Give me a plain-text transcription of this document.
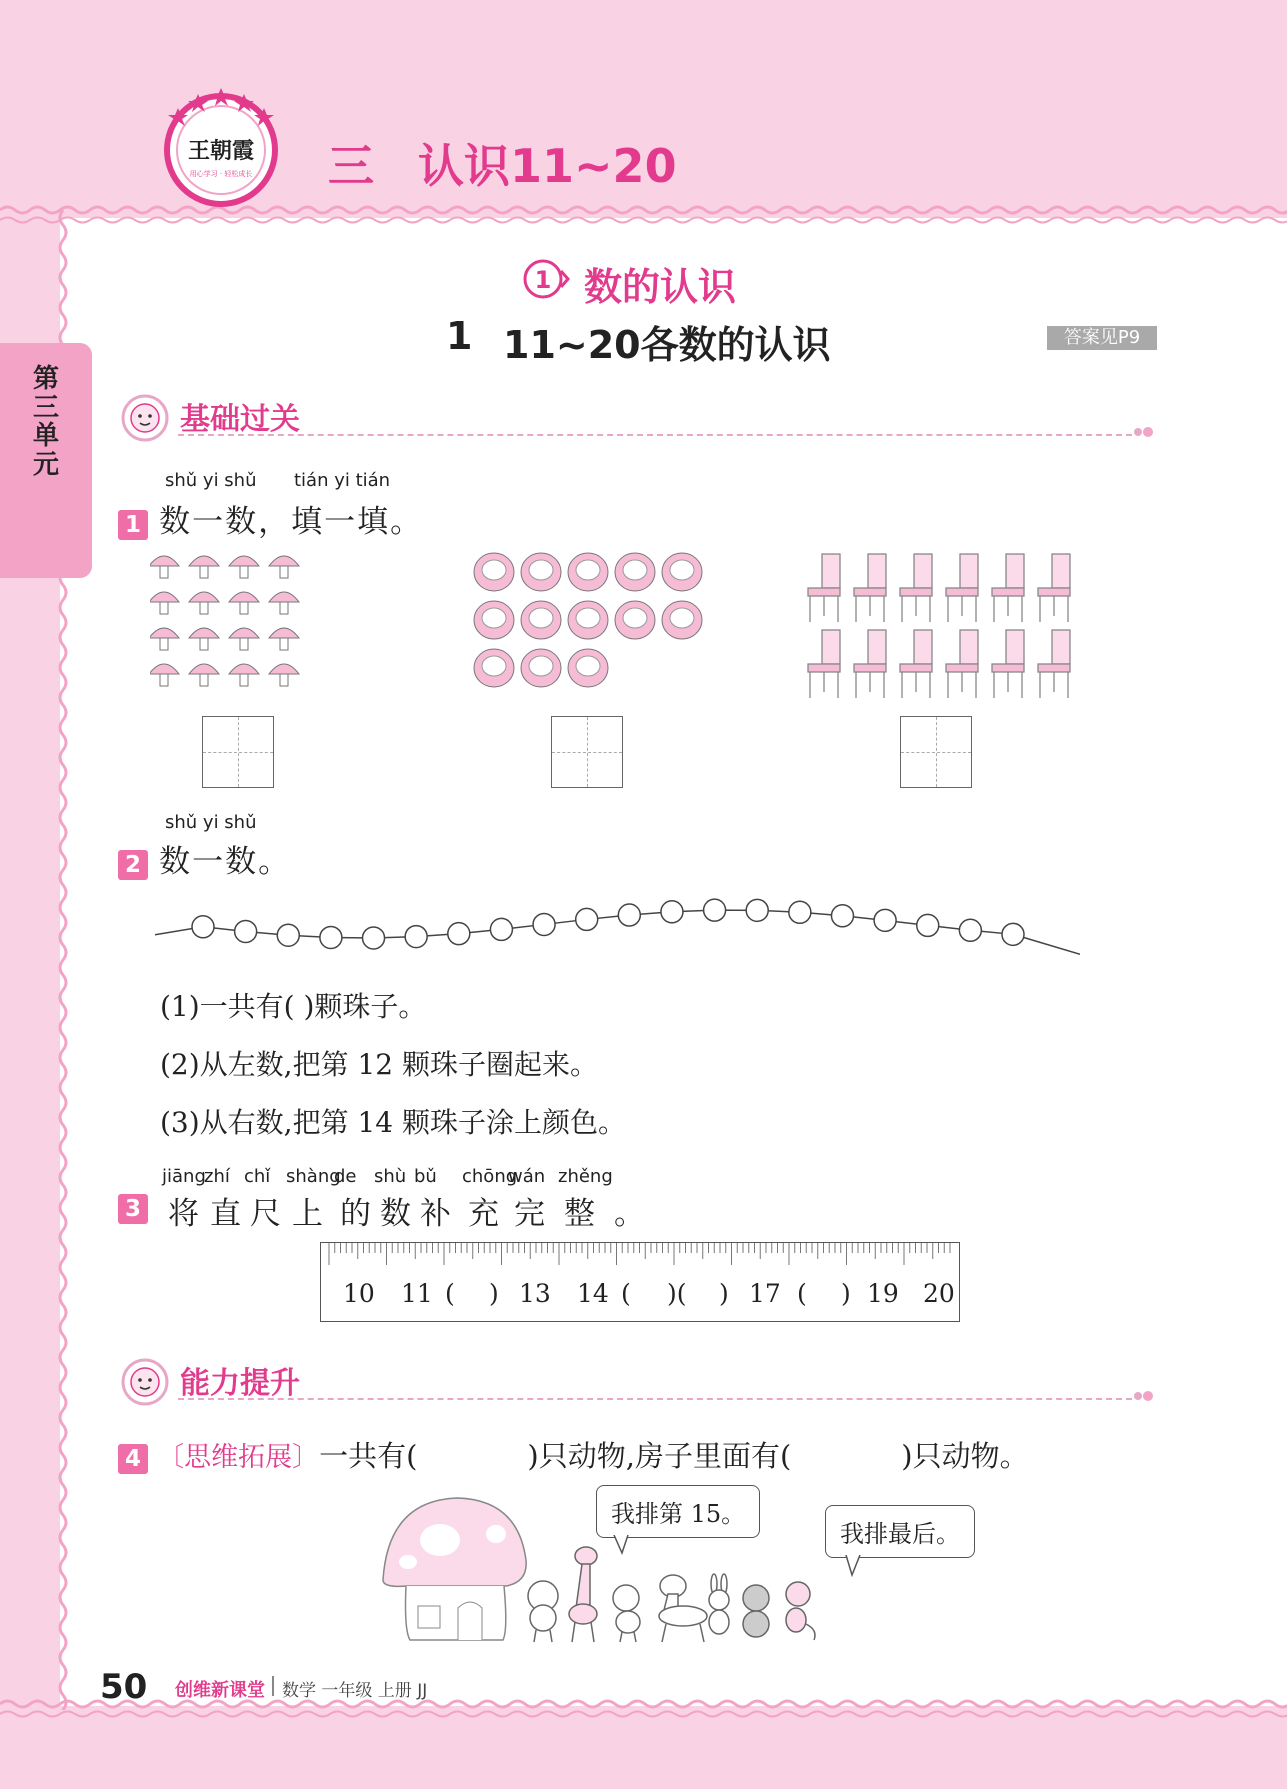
第三单元
王朝霞
用心学习 · 轻松成长 三 认识11~20
1 数的认识
1 11~20各数的认识	答案见P9
基础过关
shǔ yi shǔ tián yi tián
1 数一数，填一填。
shǔ yi shǔ
2 数一数。
(1)一共有( )颗珠子。
(2)从左数,把第 12 颗珠子圈起来。
(3)从右数,把第 14 颗珠子涂上颜色。
3
jiāng
将
zhí
直
chǐ
尺
shàng
上
de
的
shù
数
bǔ
补
chōng
充
wán
完
zhěng
整 。
10 11 ( ) 13 14 ( )( ) 17 ( ) 19 20
能力提升
4 〔思维拓展〕一共有(	)只动物,房子里面有(	)只动物。
我排第 15。
我排最后。
50 创维新课堂 数学 一年级 上册 JJ
